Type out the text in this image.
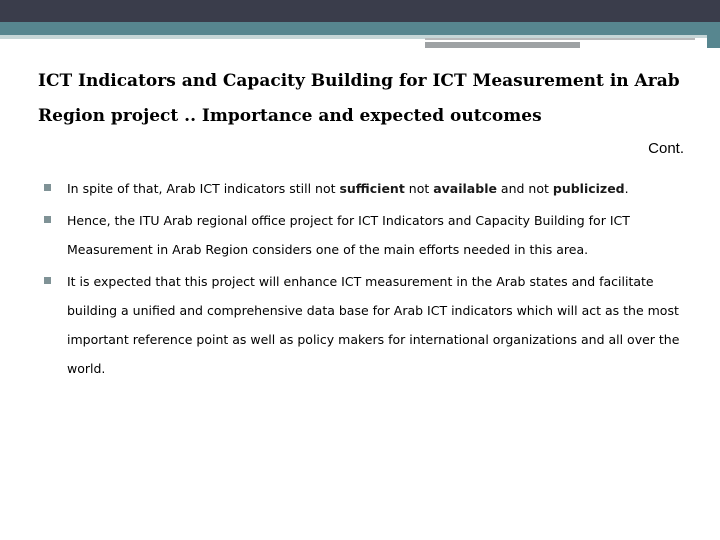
ICT Indicators and Capacity Building for ICT Measurement in Arab Region project .. Importance and expected outcomes
Cont.
In spite of that, Arab ICT indicators still not sufficient not available and not publicized.
Hence, the ITU Arab regional office project for ICT Indicators and Capacity Building for ICT Measurement in Arab Region considers one of the main efforts needed in this area.
It is expected that this project will enhance ICT measurement in the Arab states and facilitate building a unified and comprehensive data base for Arab ICT indicators which will act as the most important reference point as well as policy makers for international organizations and all over the world.
